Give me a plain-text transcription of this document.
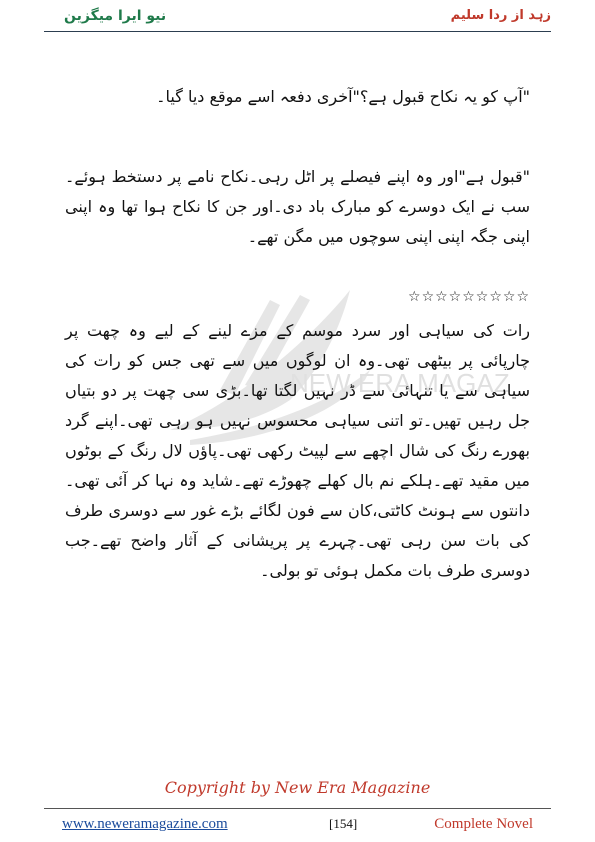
نیو ایرا میگزین	زہد از ردا سلیم
NEW ERA MAGAZ

"آپ کو یہ نکاح قبول ہے؟"آخری دفعہ اسے موقع دیا گیا۔

"قبول ہے"اور وہ اپنے فیصلے پر اٹل رہی۔نکاح نامے پر دستخط ہوئے۔سب نے ایک دوسرے کو مبارک باد دی۔اور جن کا نکاح ہوا تھا وہ اپنی اپنی جگہ اپنی اپنی سوچوں میں مگن تھے۔

☆☆☆☆☆☆☆☆☆

رات کی سیاہی اور سرد موسم کے مزے لینے کے لیے وہ چھت پر چارپائی پر بیٹھی تھی۔وہ ان لوگوں میں سے تھی جس کو رات کی سیاہی سے یا تنہائی سے ڈر نہیں لگتا تھا۔بڑی سی چھت پر دو بتیاں جل رہیں تھیں۔تو اتنی سیاہی محسوس نہیں ہو رہی تھی۔اپنے گرد بھورے رنگ کی شال اچھے سے لپیٹ رکھی تھی۔پاؤں لال رنگ کے بوٹوں میں مقید تھے۔ہلکے نم بال کھلے چھوڑے تھے۔شاید وہ نہا کر آئی تھی۔دانتوں سے ہونٹ کاٹتی،کان سے فون لگائے بڑے غور سے دوسری طرف کی بات سن رہی تھی۔چہرے پر پریشانی کے آثار واضح تھے۔جب دوسری طرف بات مکمل ہوئی تو بولی۔

Copyright by New Era Magazine
www.neweramagazine.com	[154]	Complete Novel
